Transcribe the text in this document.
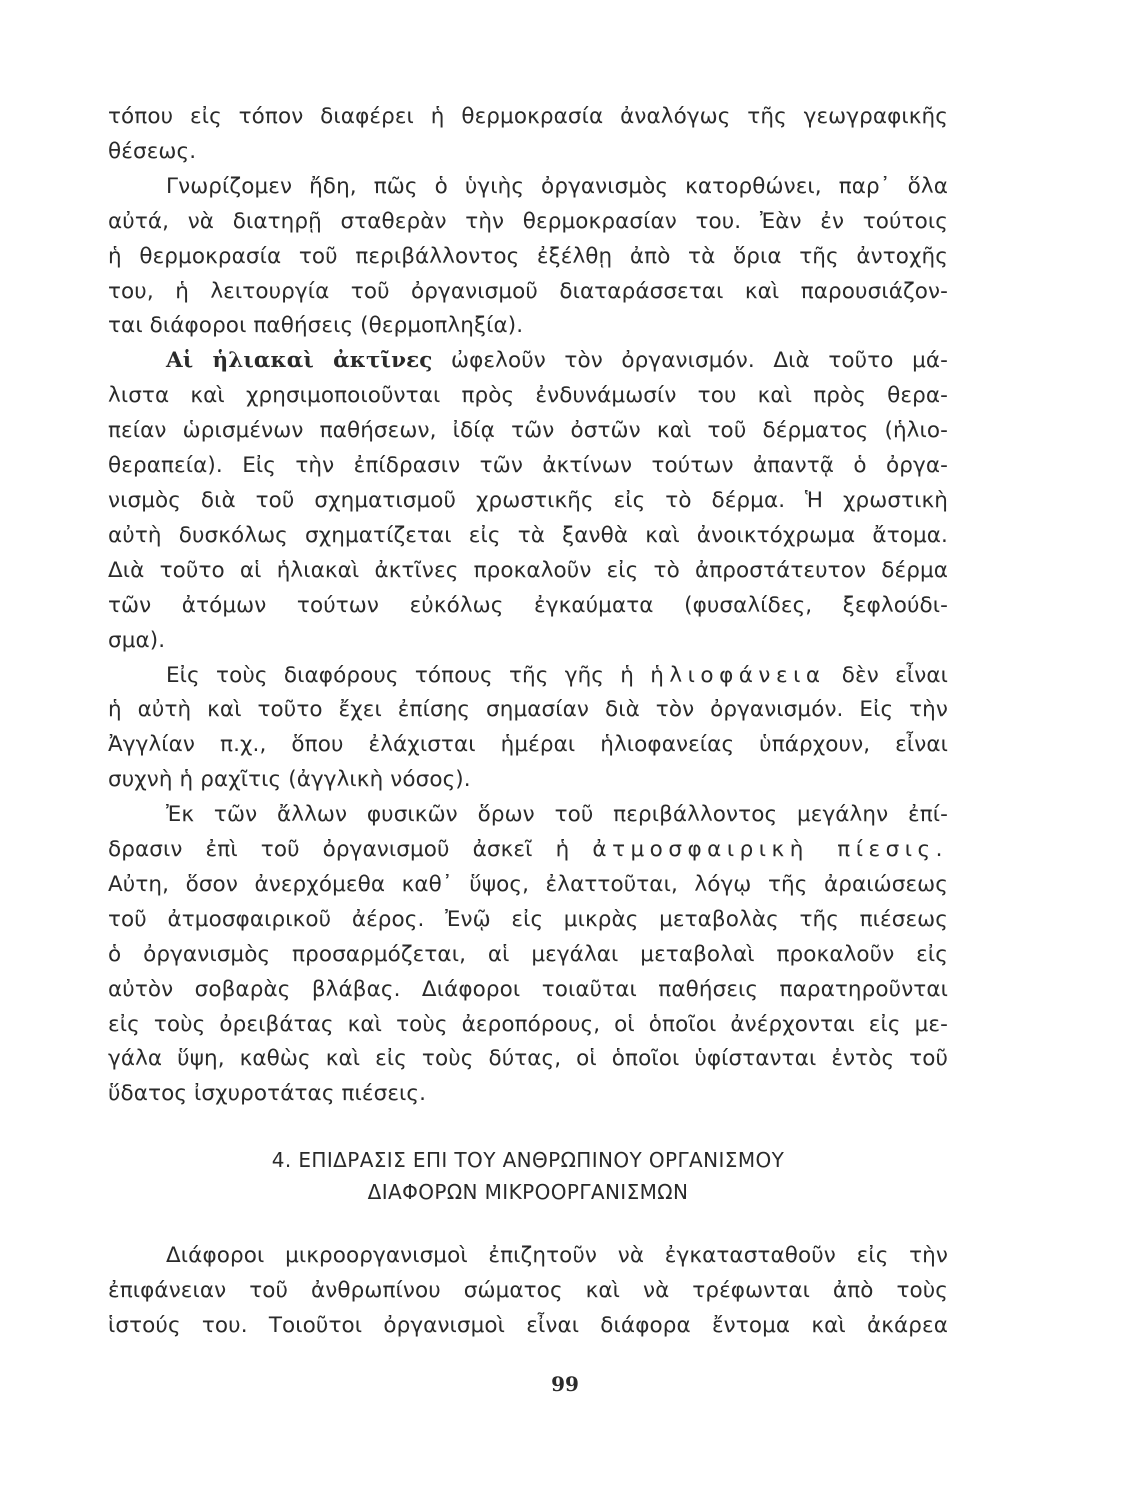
τόπου εἰς τόπον διαφέρει ἡ θερμοκρασία ἀναλόγως τῆς γεωγραφικῆς

θέσεως.

Γνωρίζομεν ἤδη, πῶς ὁ ὑγιὴς ὀργανισμὸς κατορθώνει, παρ᾽ ὅλα

αὐτά, νὰ διατηρῇ σταθερὰν τὴν θερμοκρασίαν του. Ἐὰν ἐν τούτοις

ἡ θερμοκρασία τοῦ περιβάλλοντος ἐξέλθῃ ἀπὸ τὰ ὅρια τῆς ἀντοχῆς

του, ἡ λειτουργία τοῦ ὀργανισμοῦ διαταράσσεται καὶ παρουσιάζον-

ται διάφοροι παθήσεις (θερμοπληξία).

Αἱ ἡλιακαὶ ἀκτῖνες ὠφελοῦν τὸν ὀργανισμόν. Διὰ τοῦτο μά-

λιστα καὶ χρησιμοποιοῦνται πρὸς ἐνδυνάμωσίν του καὶ πρὸς θερα-

πείαν ὡρισμένων παθήσεων, ἰδίᾳ τῶν ὀστῶν καὶ τοῦ δέρματος (ἡλιο-

θεραπεία). Εἰς τὴν ἐπίδρασιν τῶν ἀκτίνων τούτων ἀπαντᾷ ὁ ὀργα-

νισμὸς διὰ τοῦ σχηματισμοῦ χρωστικῆς εἰς τὸ δέρμα. Ἡ χρωστικὴ

αὐτὴ δυσκόλως σχηματίζεται εἰς τὰ ξανθὰ καὶ ἀνοικτόχρωμα ἄτομα.

Διὰ τοῦτο αἱ ἡλιακαὶ ἀκτῖνες προκαλοῦν εἰς τὸ ἀπροστάτευτον δέρμα

τῶν ἀτόμων τούτων εὐκόλως ἐγκαύματα (φυσαλίδες, ξεφλούδι-

σμα).

Εἰς τοὺς διαφόρους τόπους τῆς γῆς ἡ ἡλιοφάνεια δὲν εἶναι

ἡ αὐτὴ καὶ τοῦτο ἔχει ἐπίσης σημασίαν διὰ τὸν ὀργανισμόν. Εἰς τὴν

Ἀγγλίαν π.χ., ὅπου ἐλάχισται ἡμέραι ἡλιοφανείας ὑπάρχουν, εἶναι

συχνὴ ἡ ραχῖτις (ἀγγλικὴ νόσος).

Ἐκ τῶν ἄλλων φυσικῶν ὅρων τοῦ περιβάλλοντος μεγάλην ἐπί-

δρασιν ἐπὶ τοῦ ὀργανισμοῦ ἀσκεῖ ἡ ἀτμοσφαιρικὴ πίεσις.

Αὐτη, ὅσον ἀνερχόμεθα καθ᾽ ὕψος, ἐλαττοῦται, λόγῳ τῆς ἀραιώσεως

τοῦ ἀτμοσφαιρικοῦ ἀέρος. Ἐνῷ εἰς μικρὰς μεταβολὰς τῆς πιέσεως

ὁ ὀργανισμὸς προσαρμόζεται, αἱ μεγάλαι μεταβολαὶ προκαλοῦν εἰς

αὐτὸν σοβαρὰς βλάβας. Διάφοροι τοιαῦται παθήσεις παρατηροῦνται

εἰς τοὺς ὀρειβάτας καὶ τοὺς ἀεροπόρους, οἱ ὁποῖοι ἀνέρχονται εἰς με-

γάλα ὕψη, καθὼς καὶ εἰς τοὺς δύτας, οἱ ὁποῖοι ὑφίστανται ἐντὸς τοῦ

ὕδατος ἰσχυροτάτας πιέσεις.

4. ΕΠΙΔΡΑΣΙΣ ΕΠΙ ΤΟΥ ΑΝΘΡΩΠΙΝΟΥ ΟΡΓΑΝΙΣΜΟΥ
ΔΙΑΦΟΡΩΝ ΜΙΚΡΟΟΡΓΑΝΙΣΜΩΝ

Διάφοροι μικροοργανισμοὶ ἐπιζητοῦν νὰ ἐγκατασταθοῦν εἰς τὴν

ἐπιφάνειαν τοῦ ἀνθρωπίνου σώματος καὶ νὰ τρέφωνται ἀπὸ τοὺς

ἱστούς του. Τοιοῦτοι ὀργανισμοὶ εἶναι διάφορα ἔντομα καὶ ἀκάρεα

99
